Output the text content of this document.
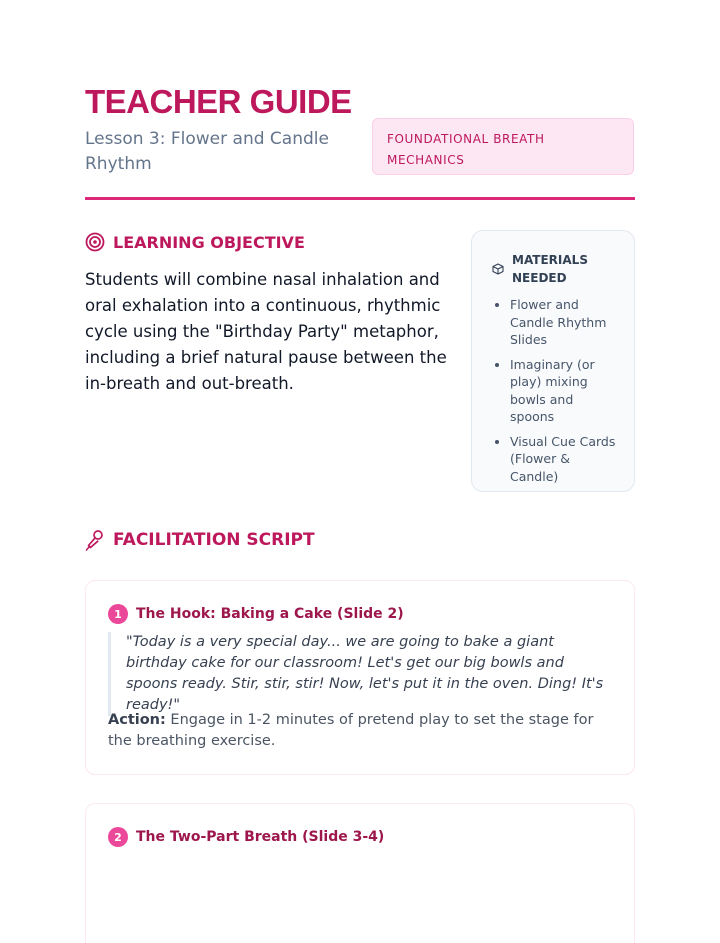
TEACHER GUIDE
Lesson 3: Flower and Candle Rhythm
FOUNDATIONAL BREATH MECHANICS
LEARNING OBJECTIVE
Students will combine nasal inhalation and oral exhalation into a continuous, rhythmic cycle using the "Birthday Party" metaphor, including a brief natural pause between the in-breath and out-breath.
MATERIALS NEEDED
• Flower and Candle Rhythm Slides
• Imaginary (or play) mixing bowls and spoons
• Visual Cue Cards (Flower & Candle)
FACILITATION SCRIPT
1	The Hook: Baking a Cake (Slide 2)
"Today is a very special day... we are going to bake a giant birthday cake for our classroom! Let's get our big bowls and spoons ready. Stir, stir, stir! Now, let's put it in the oven. Ding! It's ready!"
Action: Engage in 1-2 minutes of pretend play to set the stage for the breathing exercise.
2	The Two-Part Breath (Slide 3-4)
